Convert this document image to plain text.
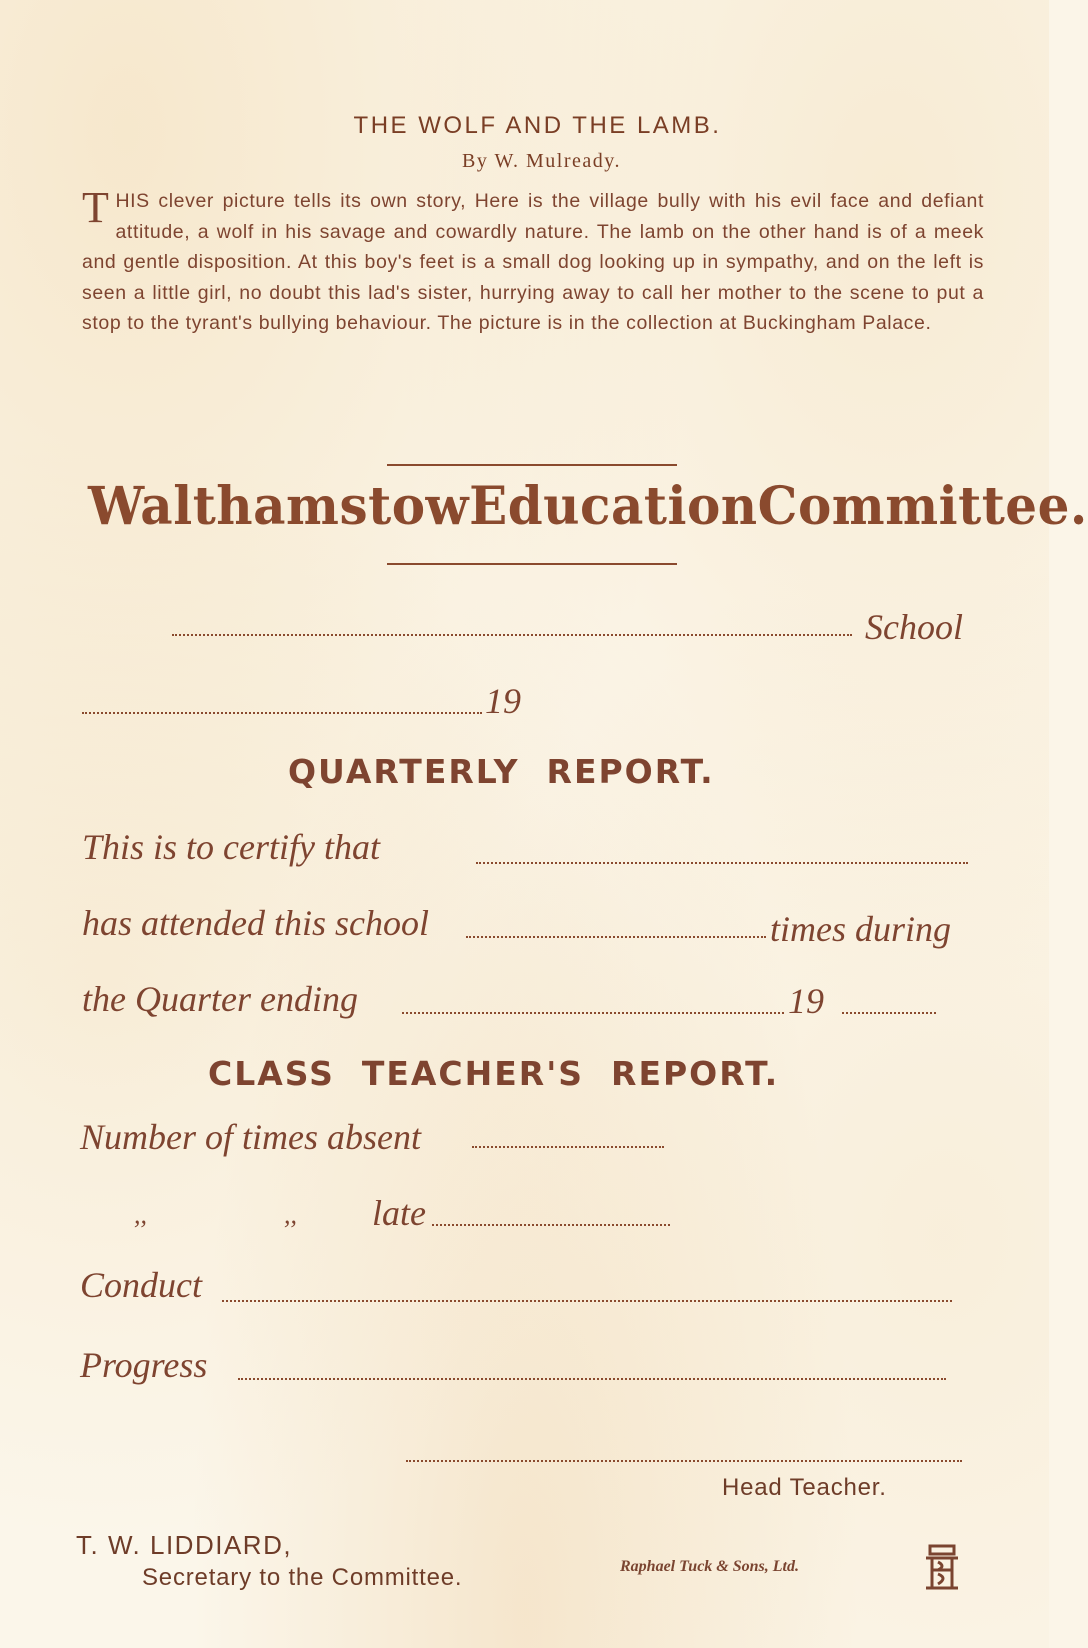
THE WOLF AND THE LAMB.
By W. Mulready.
THIS clever picture tells its own story, Here is the village bully with his evil face and defiant attitude, a wolf in his savage and cowardly nature. The lamb on the other hand is of a meek and gentle disposition. At this boy's feet is a small dog looking up in sympathy, and on the left is seen a little girl, no doubt this lad's sister, hurrying away to call her mother to the scene to put a stop to the tyrant's bullying behaviour. The picture is in the collection at Buckingham Palace.
Walthamstow Education Committee.
School
19
QUARTERLY  REPORT.
This is to certify that
has attended this school	times during
the Quarter ending	19
CLASS  TEACHER'S  REPORT.
Number of times absent
,,	,, late
Conduct
Progress
Head Teacher.
T. W. LIDDIARD,
Secretary to the Committee.	Raphael Tuck & Sons, Ltd.
